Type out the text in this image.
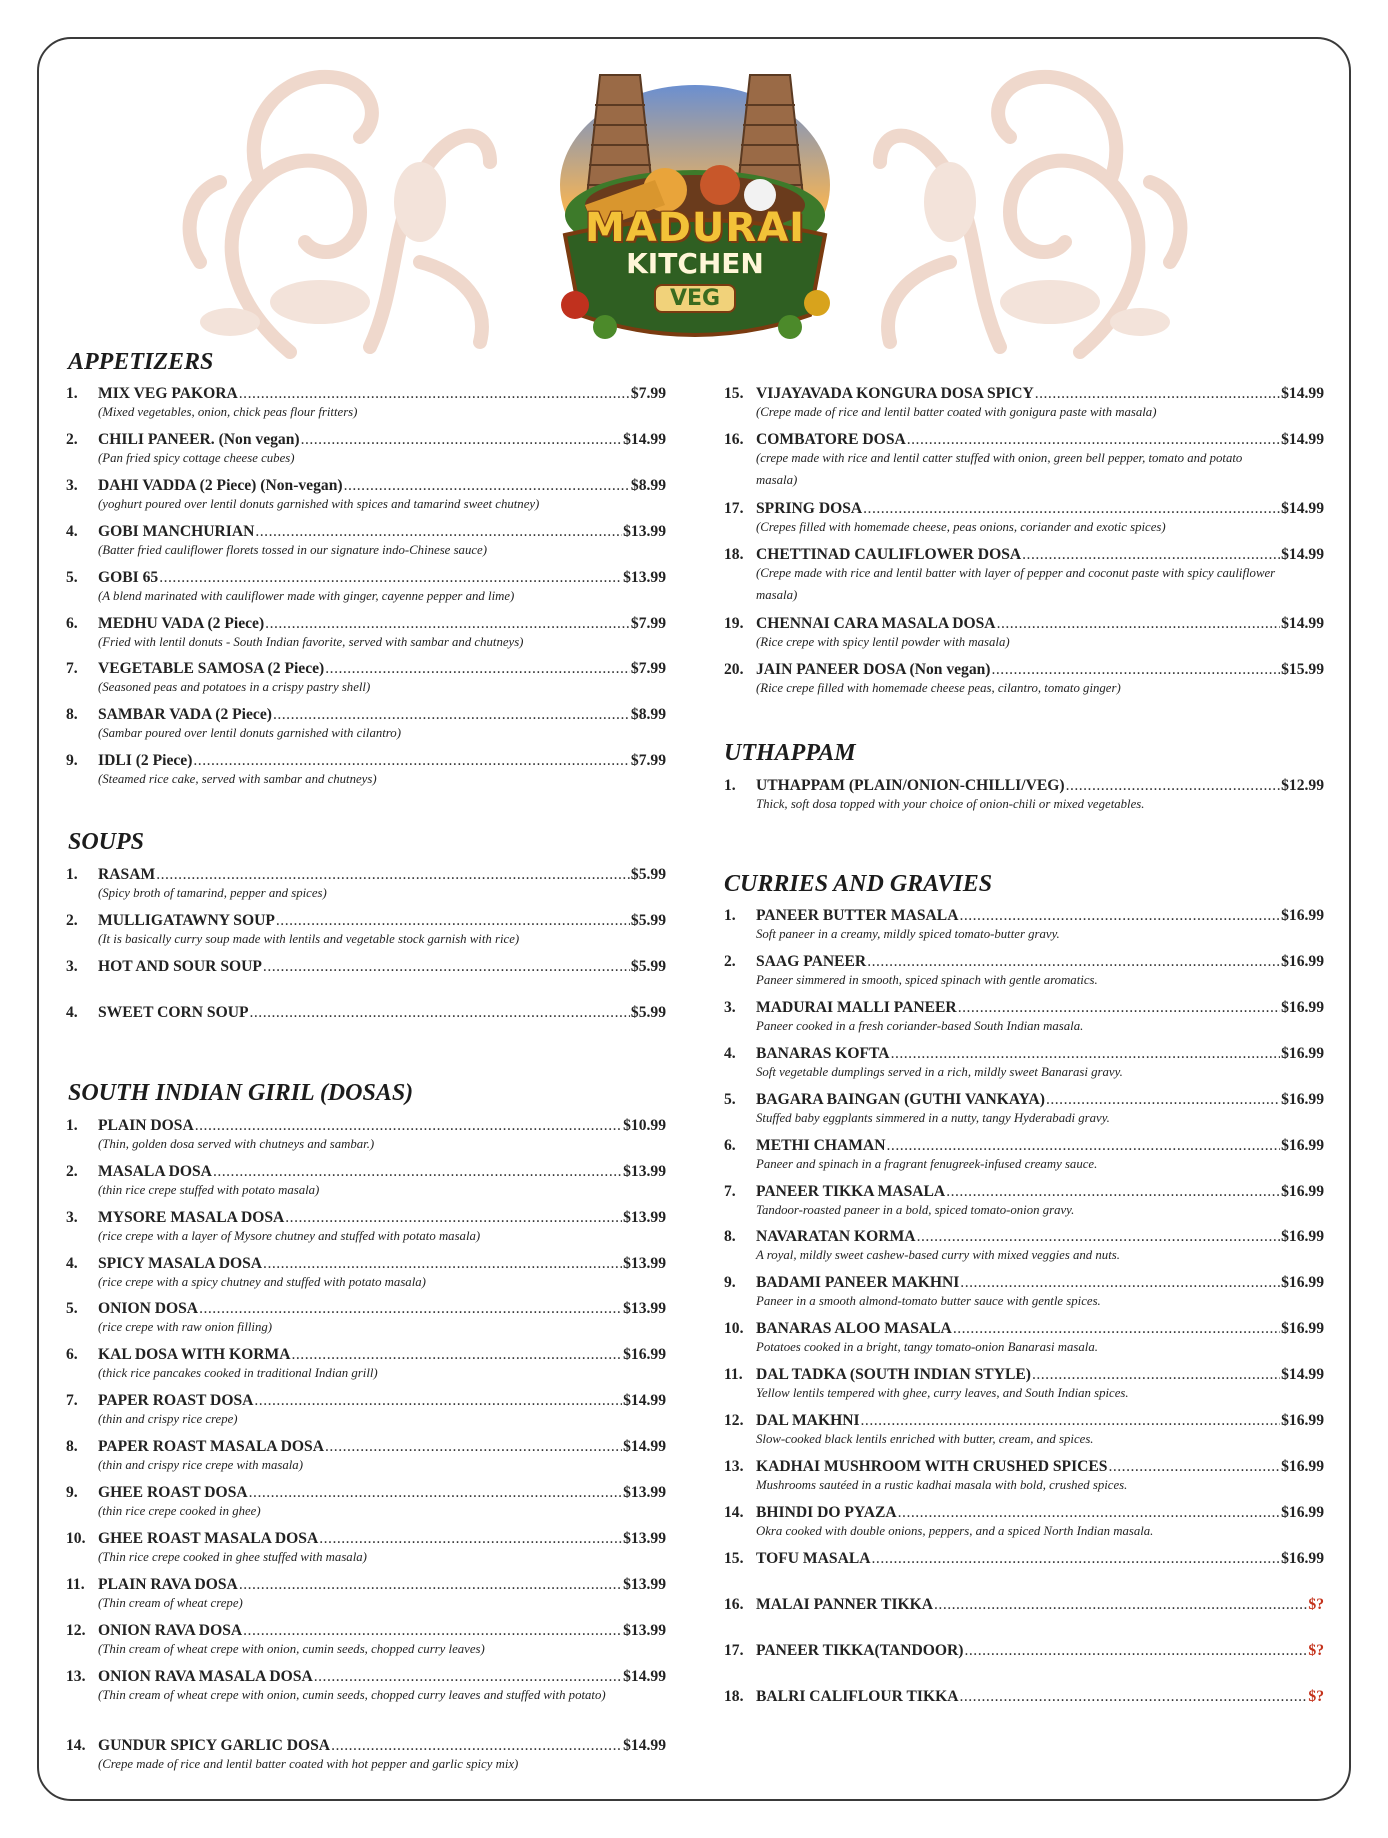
MADURAI
KITCHEN
VEG
APPETIZERS
1.	MIX VEG PAKORA .....	$7.99
(Mixed vegetables, onion, chick peas flour fritters)
2.	CHILI PANEER. (Non vegan) .....	$14.99
(Pan fried spicy cottage cheese cubes)
3.	DAHI VADDA (2 Piece) (Non-vegan) .....	$8.99
(yoghurt poured over lentil donuts garnished with spices and tamarind sweet chutney)
4.	GOBI MANCHURIAN .....	$13.99
(Batter fried cauliflower florets tossed in our signature indo-Chinese sauce)
5.	GOBI 65 .....	$13.99
(A blend marinated with cauliflower made with ginger, cayenne pepper and lime)
6.	MEDHU VADA (2 Piece) .....	$7.99
(Fried with lentil donuts - South Indian favorite, served with sambar and chutneys)
7.	VEGETABLE SAMOSA (2 Piece) .....	$7.99
(Seasoned peas and potatoes in a crispy pastry shell)
8.	SAMBAR VADA (2 Piece) .....	$8.99
(Sambar poured over lentil donuts garnished with cilantro)
9.	IDLI (2 Piece) .....	$7.99
(Steamed rice cake, served with sambar and chutneys)
SOUPS
1.	RASAM .....	$5.99
(Spicy broth of tamarind, pepper and spices)
2.	MULLIGATAWNY SOUP .....	$5.99
(It is basically curry soup made with lentils and vegetable stock garnish with rice)
3.	HOT AND SOUR SOUP .....	$5.99
4.	SWEET CORN SOUP .....	$5.99
SOUTH INDIAN GIRIL (DOSAS)
1.	PLAIN DOSA .....	$10.99
(Thin, golden dosa served with chutneys and sambar.)
2.	MASALA DOSA .....	$13.99
(thin rice crepe stuffed with potato masala)
3.	MYSORE MASALA DOSA .....	$13.99
(rice crepe with a layer of Mysore chutney and stuffed with potato masala)
4.	SPICY MASALA DOSA .....	$13.99
(rice crepe with a spicy chutney and stuffed with potato masala)
5.	ONION DOSA .....	$13.99
(rice crepe with raw onion filling)
6.	KAL DOSA WITH KORMA .....	$16.99
(thick rice pancakes cooked in traditional Indian grill)
7.	PAPER ROAST DOSA .....	$14.99
(thin and crispy rice crepe)
8.	PAPER ROAST MASALA DOSA .....	$14.99
(thin and crispy rice crepe with masala)
9.	GHEE ROAST DOSA .....	$13.99
(thin rice crepe cooked in ghee)
10. GHEE ROAST MASALA DOSA .....	$13.99
(Thin rice crepe cooked in ghee stuffed with masala)
11. PLAIN RAVA DOSA .....	$13.99
(Thin cream of wheat crepe)
12. ONION RAVA DOSA .....	$13.99
(Thin cream of wheat crepe with onion, cumin seeds, chopped curry leaves)
13. ONION RAVA MASALA DOSA .....	$14.99
(Thin cream of wheat crepe with onion, cumin seeds, chopped curry leaves and stuffed with potato)
14. GUNDUR SPICY GARLIC DOSA .....	$14.99
(Crepe made of rice and lentil batter coated with hot pepper and garlic spicy mix)
15. VIJAYAVADA KONGURA DOSA SPICY .....	$14.99
(Crepe made of rice and lentil batter coated with gonigura paste with masala)
16. COMBATORE DOSA .....	$14.99
(crepe made with rice and lentil catter stuffed with onion, green bell pepper, tomato and potato masala)
17. SPRING DOSA .....	$14.99
(Crepes filled with homemade cheese, peas onions, coriander and exotic spices)
18. CHETTINAD CAULIFLOWER DOSA .....	$14.99
(Crepe made with rice and lentil batter with layer of pepper and coconut paste with spicy cauliflower masala)
19. CHENNAI CARA MASALA DOSA .....	$14.99
(Rice crepe with spicy lentil powder with masala)
20. JAIN PANEER DOSA (Non vegan) .....	$15.99
(Rice crepe filled with homemade cheese peas, cilantro, tomato ginger)
UTHAPPAM
1.	UTHAPPAM (PLAIN/ONION-CHILLI/VEG) .....	$12.99
Thick, soft dosa topped with your choice of onion-chili or mixed vegetables.
CURRIES AND GRAVIES
1.	PANEER BUTTER MASALA .....	$16.99
Soft paneer in a creamy, mildly spiced tomato-butter gravy.
2.	SAAG PANEER .....	$16.99
Paneer simmered in smooth, spiced spinach with gentle aromatics.
3.	MADURAI MALLI PANEER .....	$16.99
Paneer cooked in a fresh coriander-based South Indian masala.
4.	BANARAS KOFTA .....	$16.99
Soft vegetable dumplings served in a rich, mildly sweet Banarasi gravy.
5.	BAGARA BAINGAN (GUTHI VANKAYA) .....	$16.99
Stuffed baby eggplants simmered in a nutty, tangy Hyderabadi gravy.
6.	METHI CHAMAN .....	$16.99
Paneer and spinach in a fragrant fenugreek-infused creamy sauce.
7.	PANEER TIKKA MASALA .....	$16.99
Tandoor-roasted paneer in a bold, spiced tomato-onion gravy.
8.	NAVARATAN KORMA .....	$16.99
A royal, mildly sweet cashew-based curry with mixed veggies and nuts.
9.	BADAMI PANEER MAKHNI .....	$16.99
Paneer in a smooth almond-tomato butter sauce with gentle spices.
10. BANARAS ALOO MASALA .....	$16.99
Potatoes cooked in a bright, tangy tomato-onion Banarasi masala.
11. DAL TADKA (SOUTH INDIAN STYLE) .....	$14.99
Yellow lentils tempered with ghee, curry leaves, and South Indian spices.
12. DAL MAKHNI .....	$16.99
Slow-cooked black lentils enriched with butter, cream, and spices.
13. KADHAI MUSHROOM WITH CRUSHED SPICES .....	$16.99
Mushrooms sautéed in a rustic kadhai masala with bold, crushed spices.
14. BHINDI DO PYAZA .....	$16.99
Okra cooked with double onions, peppers, and a spiced North Indian masala.
15. TOFU MASALA .....	$16.99
16. MALAI PANNER TIKKA .....	$?
17. PANEER TIKKA(TANDOOR) .....	$?
18. BALRI CALIFLOUR TIKKA .....	$?
